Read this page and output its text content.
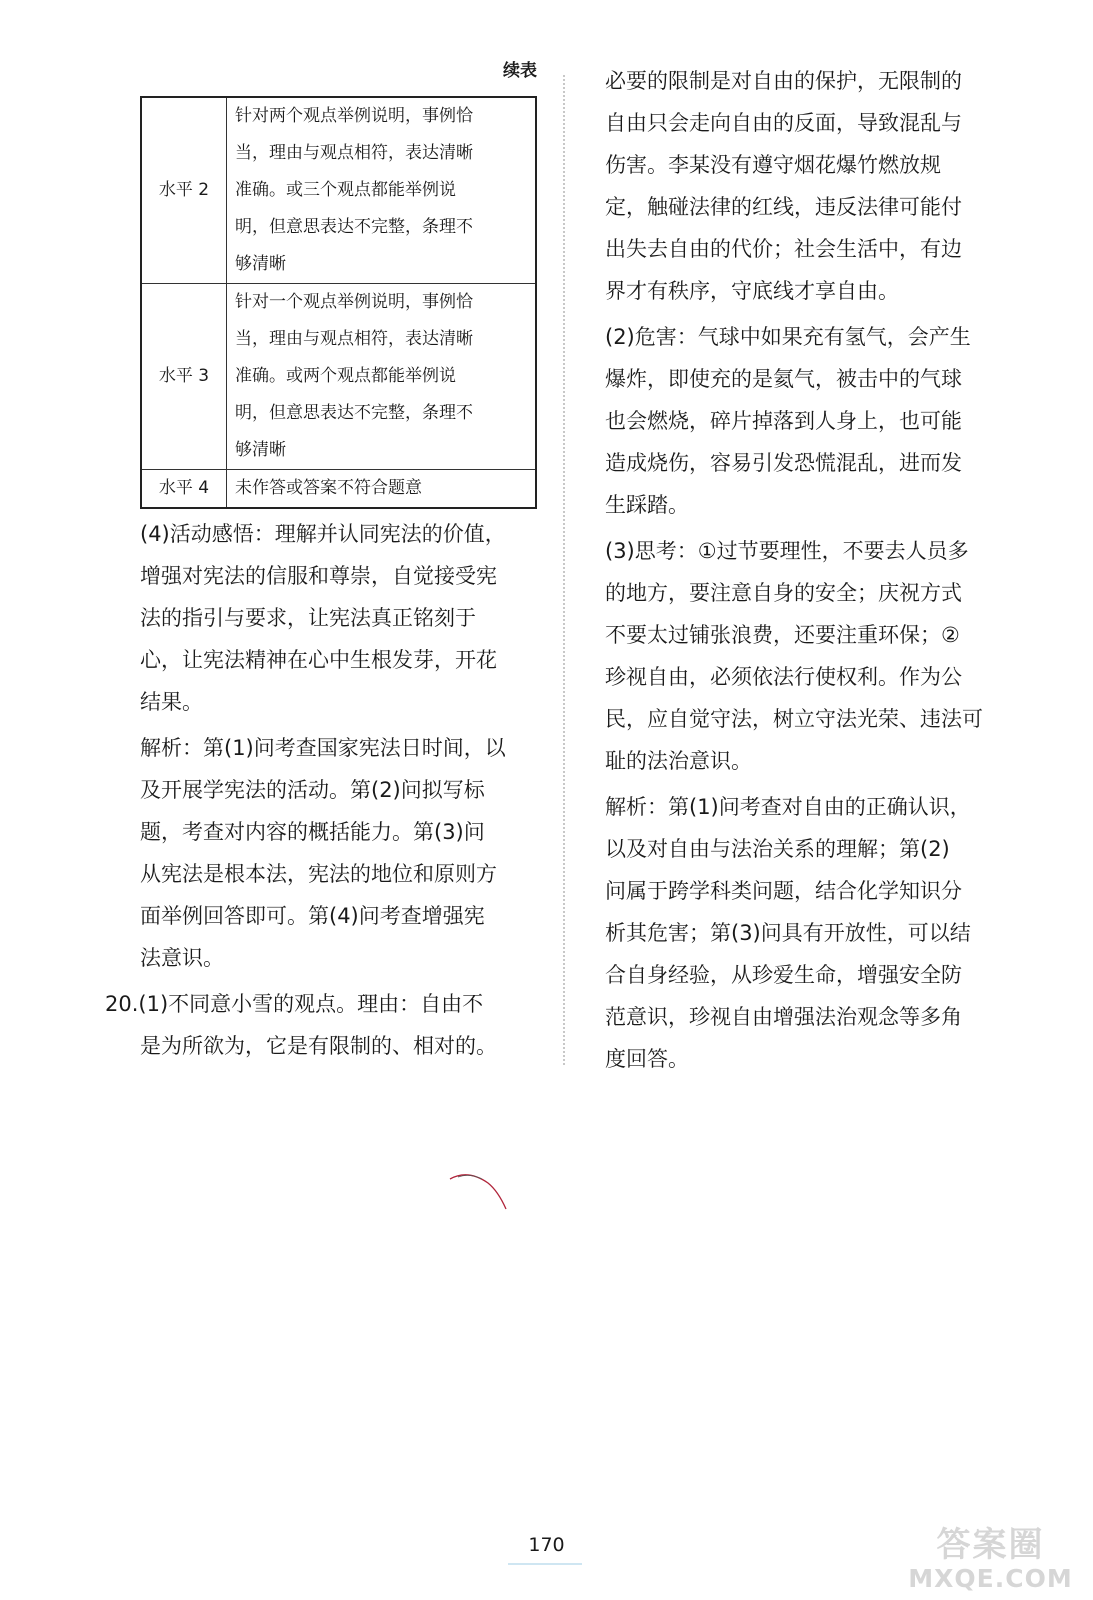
续表
水平 2	针对两个观点举例说明，事例恰
当，理由与观点相符，表达清晰
准确。或三个观点都能举例说
明，但意思表达不完整，条理不
够清晰

水平 3	针对一个观点举例说明，事例恰
当，理由与观点相符，表达清晰
准确。或两个观点都能举例说
明，但意思表达不完整，条理不
够清晰

水平 4	未作答或答案不符合题意

(4)活动感悟：理解并认同宪法的价值，
增强对宪法的信服和尊崇，自觉接受宪
法的指引与要求，让宪法真正铭刻于
心，让宪法精神在心中生根发芽，开花
结果。

解析：第(1)问考查国家宪法日时间，以
及开展学宪法的活动。第(2)问拟写标
题，考查对内容的概括能力。第(3)问
从宪法是根本法，宪法的地位和原则方
面举例回答即可。第(4)问考查增强宪
法意识。

20.(1)不同意小雪的观点。理由：自由不
是为所欲为，它是有限制的、相对的。

必要的限制是对自由的保护，无限制的
自由只会走向自由的反面，导致混乱与
伤害。李某没有遵守烟花爆竹燃放规
定，触碰法律的红线，违反法律可能付
出失去自由的代价；社会生活中，有边
界才有秩序，守底线才享自由。

(2)危害：气球中如果充有氢气，会产生
爆炸，即使充的是氦气，被击中的气球
也会燃烧，碎片掉落到人身上，也可能
造成烧伤，容易引发恐慌混乱，进而发
生踩踏。

(3)思考：①过节要理性，不要去人员多
的地方，要注意自身的安全；庆祝方式
不要太过铺张浪费，还要注重环保；②
珍视自由，必须依法行使权利。作为公
民，应自觉守法，树立守法光荣、违法可
耻的法治意识。

解析：第(1)问考查对自由的正确认识，
以及对自由与法治关系的理解；第(2)
问属于跨学科类问题，结合化学知识分
析其危害；第(3)问具有开放性，可以结
合自身经验，从珍爱生命，增强安全防
范意识，珍视自由增强法治观念等多角
度回答。

170	答案圈
MXQE.COM
